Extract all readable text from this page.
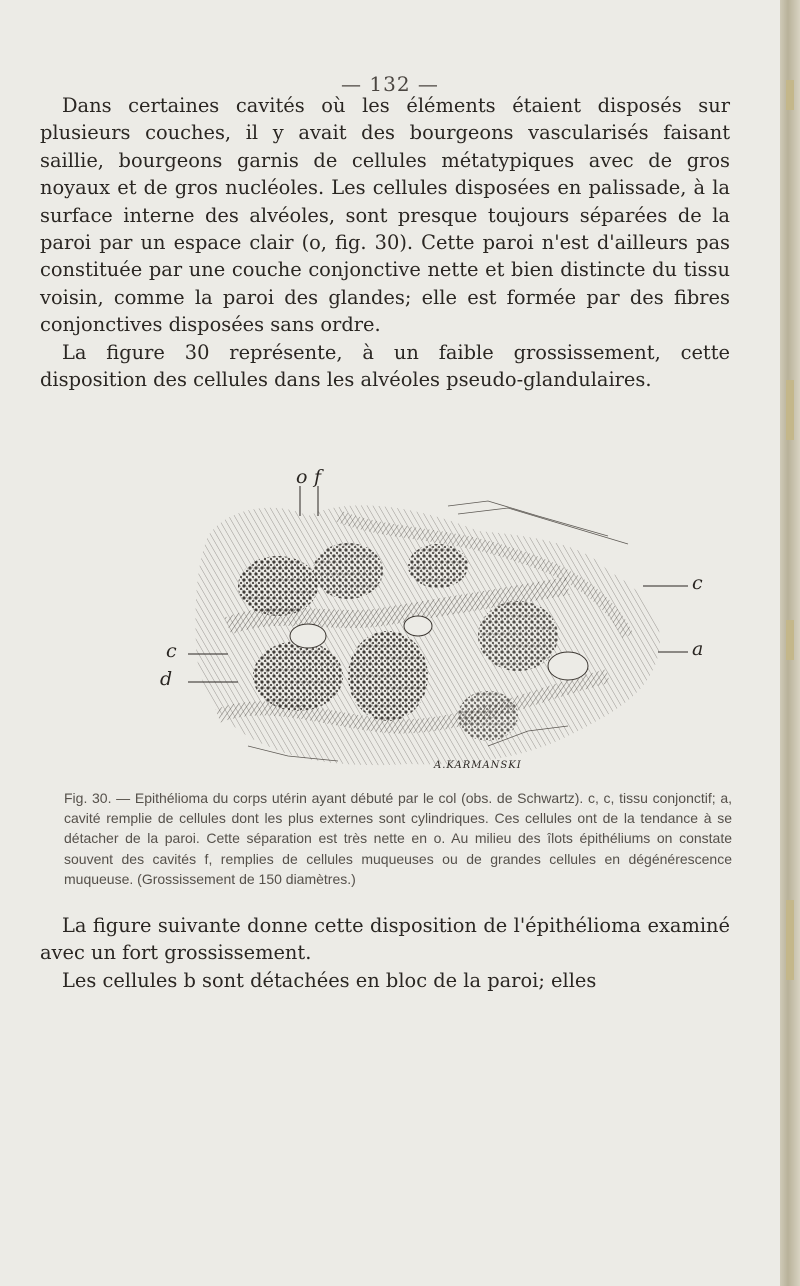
— 132 —

Dans certaines cavités où les éléments étaient disposés sur plusieurs couches, il y avait des bourgeons vascularisés faisant saillie, bourgeons garnis de cellules métatypiques avec de gros noyaux et de gros nucléoles. Les cellules disposées en palissade, à la surface interne des alvéoles, sont presque toujours séparées de la paroi par un espace clair (o, fig. 30). Cette paroi n'est d'ailleurs pas constituée par une couche conjonctive nette et bien distincte du tissu voisin, comme la paroi des glandes; elle est formée par des fibres conjonctives disposées sans ordre.

La figure 30 représente, à un faible grossissement, cette disposition des cellules dans les alvéoles pseudo-glandulaires.

o f
c
c	a
d
A.KARMANSKI

Fig. 30. — Epithélioma du corps utérin ayant débuté par le col (obs. de Schwartz). c, c, tissu conjonctif; a, cavité remplie de cellules dont les plus externes sont cylindriques. Ces cellules ont de la tendance à se détacher de la paroi. Cette séparation est très nette en o. Au milieu des îlots épithéliums on constate souvent des cavités f, remplies de cellules muqueuses ou de grandes cellules en dégénérescence muqueuse. (Grossissement de 150 diamètres.)

La figure suivante donne cette disposition de l'épithélioma examiné avec un fort grossissement.

Les cellules b sont détachées en bloc de la paroi; elles
